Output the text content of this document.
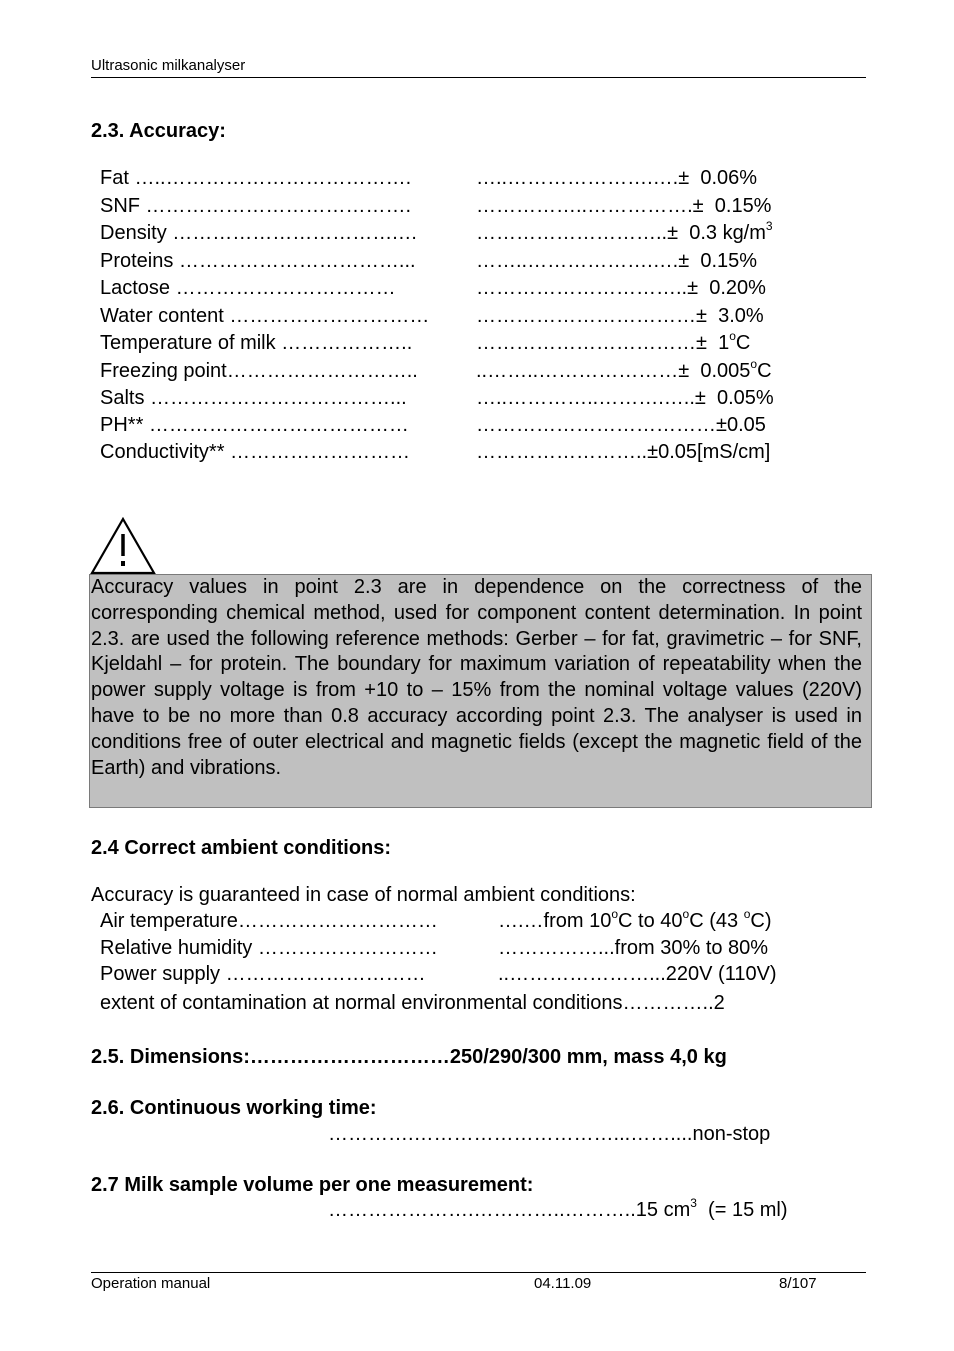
Ultrasonic milkanalyser
2.3. Accuracy:
Fat …..……………………………….	…..………………….….±  0.06%
SNF ………………………………….	……………..…………….±  0.15%
Density …………………………….…	………………………..±  0.3 $kg/m^3$
Proteins ……………………………...	……..……………….….±  0.15%
Lactose ……………………………	…………………………..±  0.20%
Water content ………………………… ……………………………±  3.0%
Temperature of milk ………………..	……………………………±  1$^o$C
Freezing point………………………..	..……..…………………±  0.005$^o$C
Salts ………………………………...	…..…………..……….…..±  0.05%
PH** …………………………………	………………………………±0.05
Conductivity** ………………………	……………………..±0.05[mS/cm]
Accuracy values in point 2.3 are in dependence on the correctness of the corresponding chemical method, used for component content determination. In point 2.3. are used the following reference methods: Gerber – for fat, gravimetric – for SNF, Kjeldahl – for protein. The boundary for maximum variation of repeatability when the power supply voltage is from +10 to – 15% from the nominal voltage values (220V) have to be no more than 0.8 accuracy according point 2.3. The analyser is used in conditions free of outer electrical and magnetic fields (except the magnetic field of the Earth) and vibrations.
2.4 Correct ambient conditions:
Accuracy is guaranteed in case of normal ambient conditions:
Air temperature…………………………	….…from 10$^o$C to 40$^o$C (43 $^o$C)
Relative humidity ………………………	……………...from 30% to 80%
Power supply …………………………	..…………………...220V (110V)
extent of contamination at normal environmental conditions…………..2
2.5. Dimensions:…………………………250/290/300 mm, mass 4,0 kg
2.6. Continuous working time:
………….…………………………...……....non-stop
2.7 Milk sample volume per one measurement:
………………….…………..………..15 $cm^3$  (= 15 ml)
Operation manual	04.11.09	8/107
